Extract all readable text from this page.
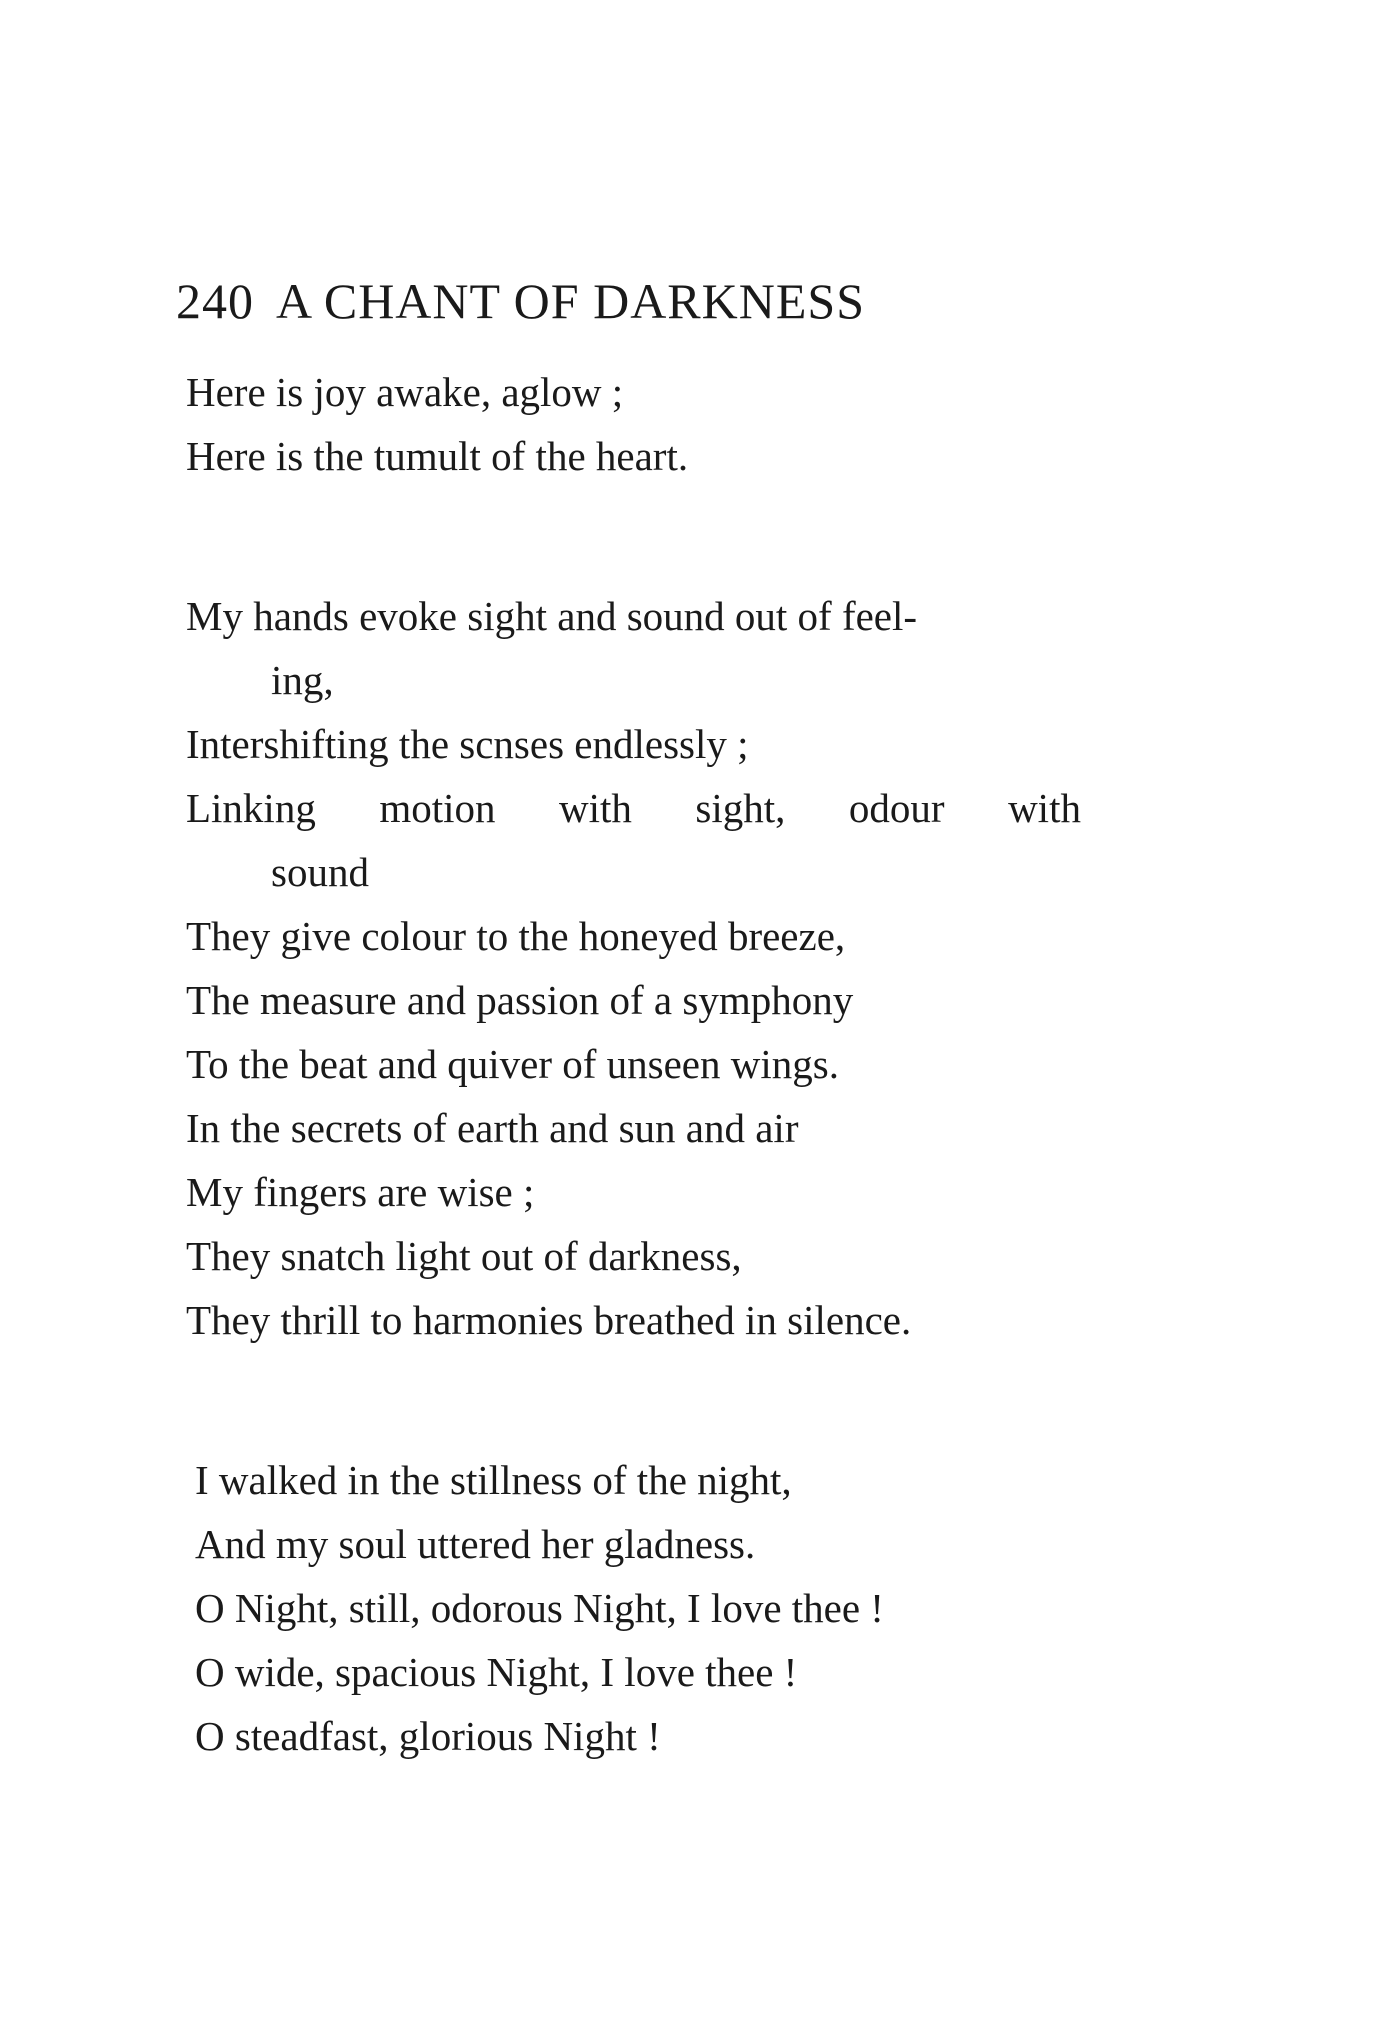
240 A CHANT OF DARKNESS
Here is joy awake, aglow ;
Here is the tumult of the heart.
My hands evoke sight and sound out of feel-
ing,
Intershifting the scnses endlessly ;
Linking motion with sight, odour with
sound
They give colour to the honeyed breeze,
The measure and passion of a symphony
To the beat and quiver of unseen wings.
In the secrets of earth and sun and air
My fingers are wise ;
They snatch light out of darkness,
They thrill to harmonies breathed in silence.
I walked in the stillness of the night,
And my soul uttered her gladness.
O Night, still, odorous Night, I love thee !
O wide, spacious Night, I love thee !
O steadfast, glorious Night !
